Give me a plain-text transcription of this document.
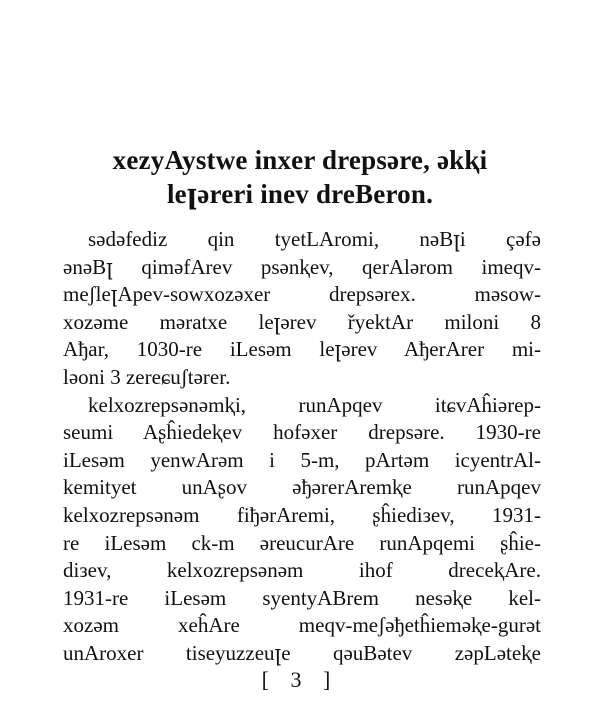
xezyAystwe inxer drepsəre, əkⱪi
leꞁəreri inev dreBeron.
sədəfediz qin tyetLAromi, nəBꞁi çəfə
ənəBꞁ qiməfArev psənⱪev, qerAlərom imeqv-
meʃleꞁApev-sowxozəxer drepsərex. məsow-
xozəme məratxe leꞁərev řyektAr miloni 8
Aђar, 1030-re iLesəm leꞁərev AђerArer mi-
ləoni 3 zereɕuʃtərer.
kelxozrepsənəmⱪi, runApqev itɕvAĥiərep-
seumi Aʂĥiedeⱪev hofəxer drepsəre. 1930-re
iLesəm yenwArəm i 5-m, pArtəm icyentrAl-
kemityet unAʂov əђərerAremⱪe runApqev
kelxozrepsənəm fiђərAremi, ʂĥiediзev, 1931-
re iLesəm ck-m əreucurAre runApqemi ʂĥie-
diзev, kelxozrepsənəm ihof dreceⱪAre.
1931-re iLesəm syentyABrem nesəⱪe kel-
xozəm xeĥAre meqv-meʃəђetĥieməⱪe-gurət
unAroxer tiseyuzzeuꞁe qəuBətev zəpLəteⱪe
[ 3 ]
